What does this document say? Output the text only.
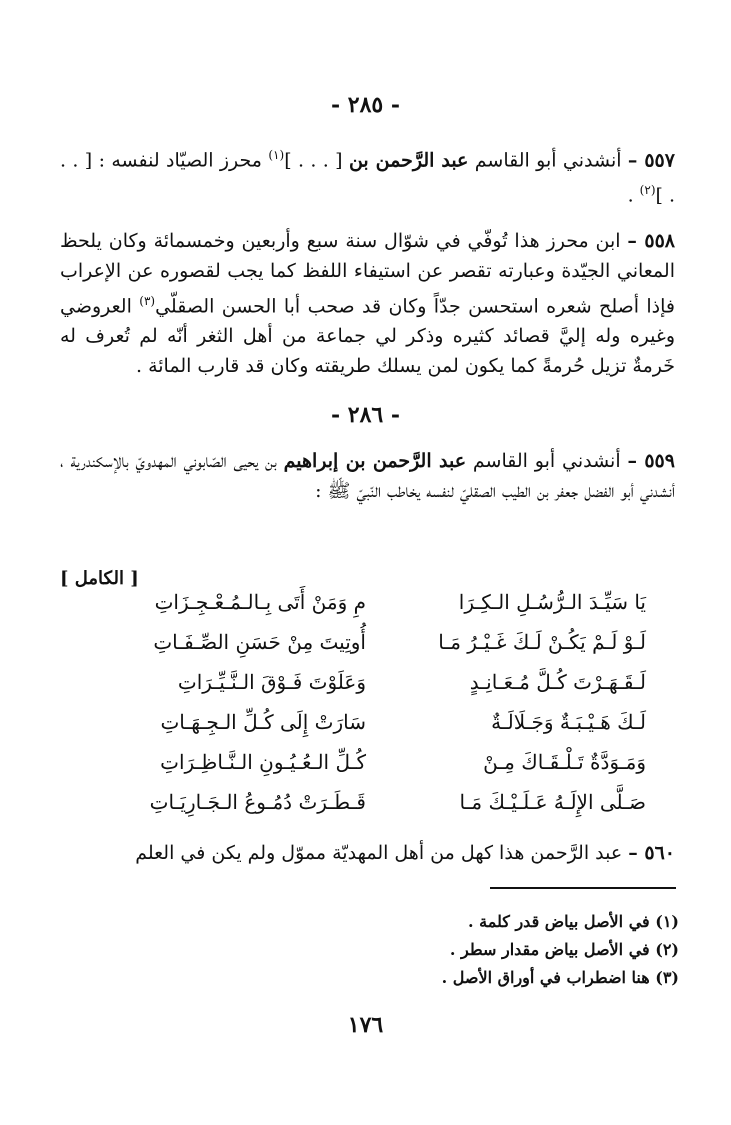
- ٢٨٥ -
٥٥٧ – أنشدني أبو القاسم عبد الرَّحمن بن [ . . . ]$^{(١)}$ محرز الصيّاد لنفسه : [ . . . ]$^{(٢)}$ .
٥٥٨ – ابن محرز هذا تُوفّي في شوّال سنة سبع وأربعين وخمسمائة وكان يلحظ المعاني الجيّدة وعبارته تقصر عن استيفاء اللفظ كما يجب لقصوره عن الإعراب فإذا أصلح شعره استحسن جدّاً وكان قد صحب أبا الحسن الصقلّي$^{(٣)}$ العروضي وغيره وله إليَّ قصائد كثيره وذكر لي جماعة من أهل الثغر أنّه لم تُعرف له خَرمةٌ تزيل حُرمةً كما يكون لمن يسلك طريقته وكان قد قارب المائة .
- ٢٨٦ -
٥٥٩ – أنشدني أبو القاسم عبد الرَّحمن بن إبراهيم بن يحيى الصّابوني المهدويّ بالإسكندرية ، أنشدني أبو الفضل جعفر بن الطيب الصقليّ لنفسه يخاطب النّبيّ ﷺ :
[ الكامل ]
يَا سَيِّـدَ الـرُّسُـلِ الـكِـرَا
مِ وَمَنْ أَتَى بِـالـمُـعْـجِـزَاتِ
لَـوْ لَـمْ يَكُـنْ لَـكَ غَـيْـرُ مَـا
أُوتِيتَ مِنْ حَسَنِ الصِّـفَـاتِ
لَـقَـهَـرْتَ كُـلَّ مُـعَـانِـدٍ
وَعَلَوْتَ فَـوْقَ الـنَّـيِّـرَاتِ
لَـكَ هَـيْـبَـةٌ وَجَـلَالَـةٌ
سَارَتْ إِلَى كُـلِّ الـجِـهَـاتِ
وَمَـوَدَّةٌ تَـلْـقَـاكَ مِـنْ
كُـلِّ الـعُـيُـونِ الـنَّـاظِـرَاتِ
صَـلَّى الإِلَـهُ عَـلَـيْـكَ مَـا
قَـطَـرَتْ دُمُـوعُ الـجَـارِيَـاتِ
٥٦٠ – عبد الرَّحمن هذا كهل من أهل المهديّة مموّل ولم يكن في العلم
(١) في الأصل بياض قدر كلمة .
(٢) في الأصل بياض مقدار سطر .
(٣) هنا اضطراب في أوراق الأصل .
١٧٦
